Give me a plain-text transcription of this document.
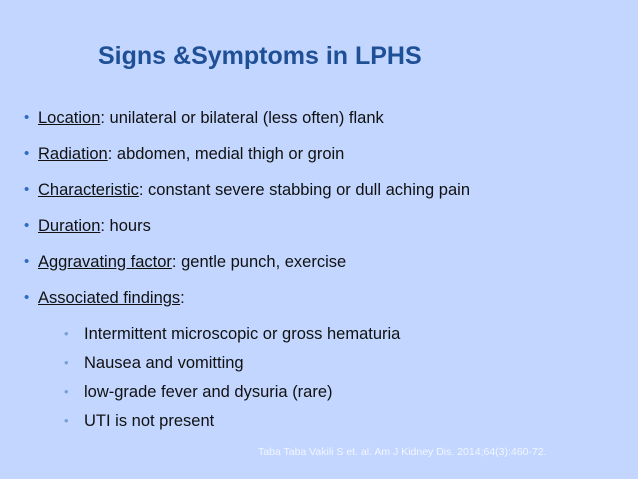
Signs &Symptoms in LPHS
• Location: unilateral or bilateral (less often) flank
• Radiation: abdomen, medial thigh or groin
• Characteristic: constant severe stabbing or dull aching pain
• Duration: hours
• Aggravating factor: gentle punch, exercise
• Associated findings:
• Intermittent microscopic or gross hematuria
• Nausea and vomitting
• low-grade fever and dysuria (rare)
• UTI is not present
Taba Taba Vakili S et. al. Am J Kidney Dis. 2014;64(3):460-72.
